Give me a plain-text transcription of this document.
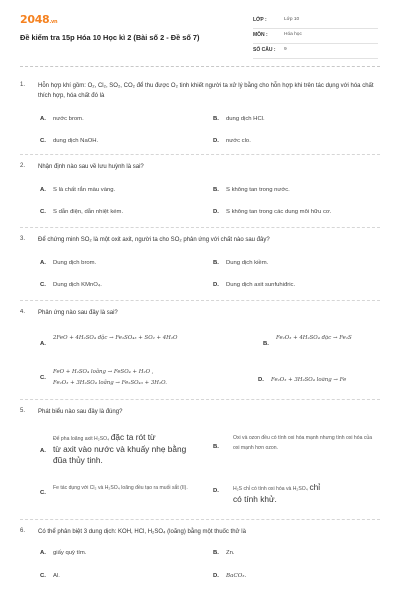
2048.vn
Đề kiểm tra 15p Hóa 10 Học kì 2 (Bài số 2 - Đề số 7)
LỚP :	Lớp 10
MÔN :	Hóa học
SỐ CÂU : 9
1. Hỗn hợp khí gồm: O₂, Cl₂, SO₂, CO₂ để thu được O₂ tinh khiết người ta xử lý bằng cho hỗn hợp khi trên tác dụng với hóa chất thích hợp, hóa chất đó là
A. nước brom.	B. dung dịch HCl.
C. dung dịch NaOH.	D. nước clo.
2. Nhận định nào sau về lưu huỳnh là sai?
A. S là chất rắn màu vàng.	B. S không tan trong nước.
C. S dẫn điện, dẫn nhiệt kém.	D. S không tan trong các dung môi hữu cơ.
3. Để chứng minh SO₂ là một oxit axit, người ta cho SO₂ phản ứng với chất nào sau đây?
A. Dung dịch brom.	B. Dung dịch kiềm.
C. Dung dịch KMnO₄.	D. Dung dịch axit sunfuhiđric.
4. Phản ứng nào sau đây là sai?
A.2FeO + 4H₂SO₄ đặc → Fe₂SO₄₃ + SO₂ + 4H₂O
B.Fe₂O₃ + 4H₂SO₄ đặc → Fe₂S
C.
FeO + H₂SO₄ loãng → FeSO₄ + H₂O ,
Fe₂O₃ + 3H₂SO₄ loãng → Fe₂SO₄₃ + 3H₂O.	D. Fe₂O₃ + 3H₂SO₄ loãng → Fe
5. Phát biểu nào sau đây là đúng?
A.
Để pha loãng axit H₂SO₄ đặc ta rót từ
từ axit vào nước và khuấy nhẹ bằng
đũa thủy tinh.
B.
Oxi và ozon đều có tính oxi hóa mạnh nhưng tính oxi hóa của oxi mạnh hơn ozon.
C.
Fe tác dụng với Cl₂ và H₂SO₄ loãng đều tạo ra muối sắt (II).	D.	H₂S chỉ có tính oxi hóa và H₂SO₄ chỉ
có tính khử.
6. Có thể phân biệt 3 dung dịch: KOH, HCl, H₂SO₄ (loãng) bằng một thuốc thử là
A. giấy quỳ tím.	B. Zn.
C. Al.	D. BaCO₃.
